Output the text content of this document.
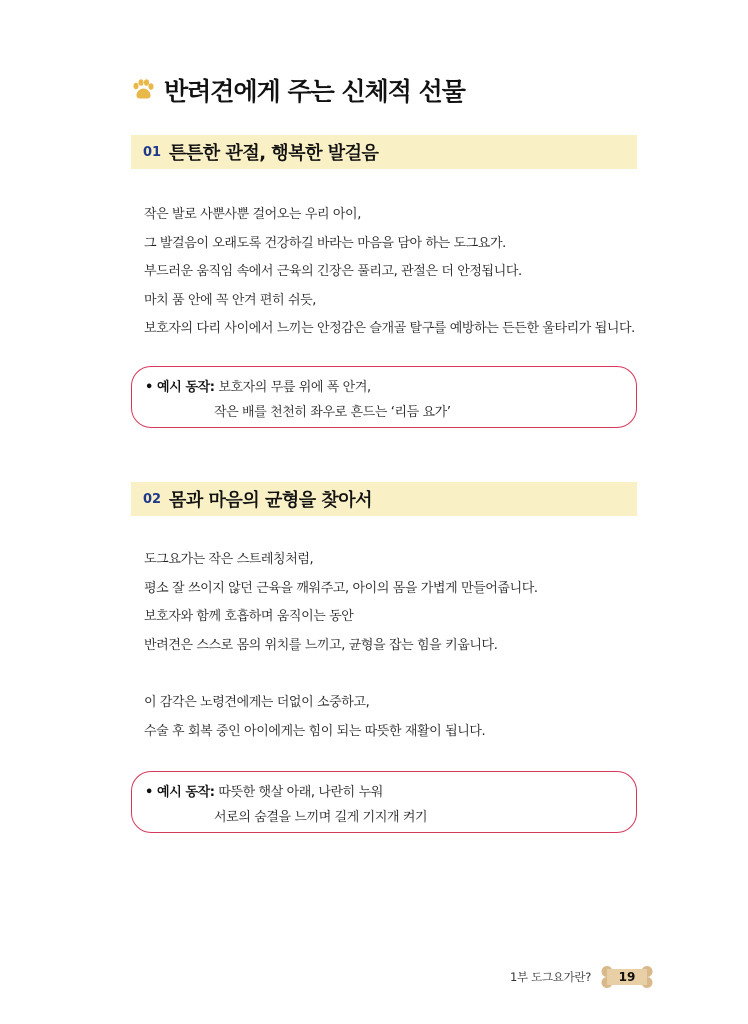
반려견에게 주는 신체적 선물
01 튼튼한 관절, 행복한 발걸음
작은 발로 사뿐사뿐 걸어오는 우리 아이,
그 발걸음이 오래도록 건강하길 바라는 마음을 담아 하는 도그요가.
부드러운 움직임 속에서 근육의 긴장은 풀리고, 관절은 더 안정됩니다.
마치 품 안에 꼭 안겨 편히 쉬듯,
보호자의 다리 사이에서 느끼는 안정감은 슬개골 탈구를 예방하는 든든한 울타리가 됩니다.
• 예시 동작: 보호자의 무릎 위에 폭 안겨,
작은 배를 천천히 좌우로 흔드는 ‘리듬 요가’
02 몸과 마음의 균형을 찾아서
도그요가는 작은 스트레칭처럼,
평소 잘 쓰이지 않던 근육을 깨워주고, 아이의 몸을 가볍게 만들어줍니다.
보호자와 함께 호흡하며 움직이는 동안
반려견은 스스로 몸의 위치를 느끼고, 균형을 잡는 힘을 키웁니다.
이 감각은 노령견에게는 더없이 소중하고,
수술 후 회복 중인 아이에게는 힘이 되는 따뜻한 재활이 됩니다.
• 예시 동작: 따뜻한 햇살 아래, 나란히 누워
서로의 숨결을 느끼며 길게 기지개 켜기
1부 도그요가란?	19
